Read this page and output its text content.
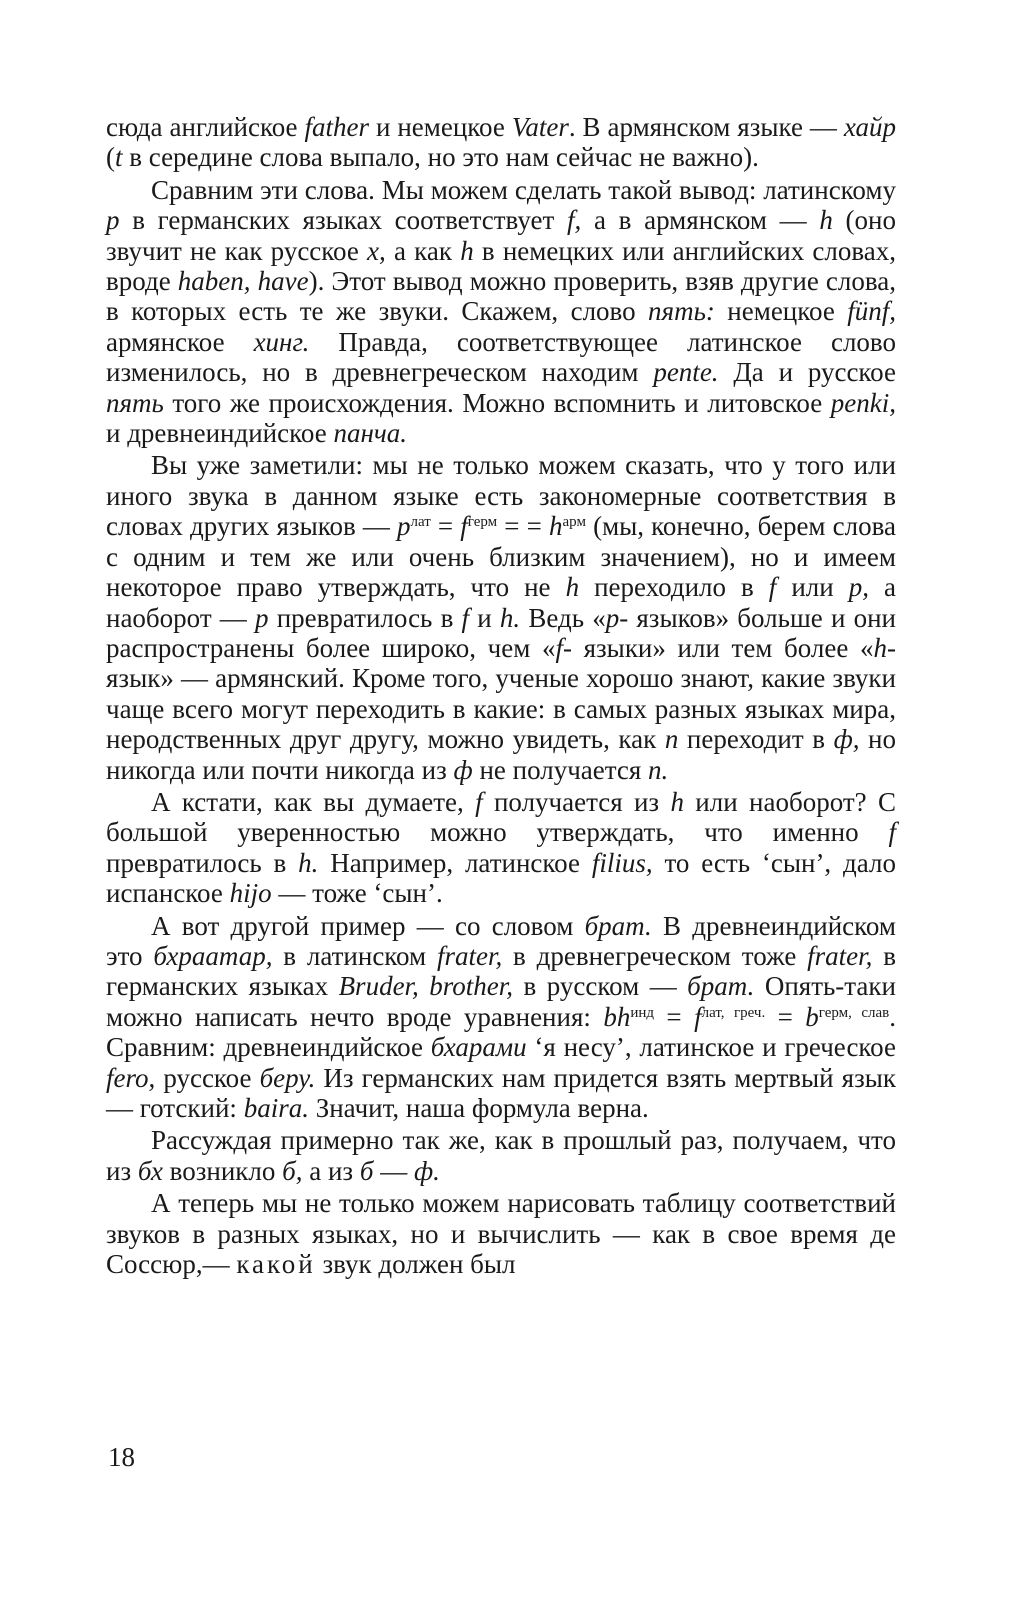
сюда английское father и немецкое Vater. В армянском языке — хайр (t в середине слова выпало, но это нам сейчас не важно).

Сравним эти слова. Мы можем сделать такой вывод: латинскому p в германских языках соответствует f, а в армянском — h (оно звучит не как русское х, а как h в немецких или английских словах, вроде haben, have). Этот вывод можно проверить, взяв другие слова, в которых есть те же звуки. Скажем, слово пять: немецкое fünf, армянское хинг. Правда, соответствующее латинское слово изменилось, но в древнегреческом находим pente. Да и русское пять того же происхождения. Можно вспомнить и литовское penki, и древнеиндийское панча.

Вы уже заметили: мы не только можем сказать, что у того или иного звука в данном языке есть закономерные соответствия в словах других языков — $p^{лат} = f^{герм}$ = = $h^{арм}$ (мы, конечно, берем слова с одним и тем же или очень близким значением), но и имеем некоторое право утверждать, что не h переходило в f или p, а наоборот — p превратилось в f и h. Ведь «p- языков» больше и они распространены более широко, чем «f- языки» или тем более «h- язык» — армянский. Кроме того, ученые хорошо знают, какие звуки чаще всего могут переходить в какие: в самых разных языках мира, неродственных друг другу, можно увидеть, как п переходит в ф, но никогда или почти никогда из ф не получается п.

А кстати, как вы думаете, f получается из h или наоборот? С большой уверенностью можно утверждать, что именно f превратилось в h. Например, латинское filius, то есть ‘сын’, дало испанское hijo — тоже ‘сын’.

А вот другой пример — со словом брат. В древнеиндийском это бхраатар, в латинском frater, в древнегреческом тоже frater, в германских языках Bruder, brother, в русском — брат. Опять-таки можно написать нечто вроде уравнения: $bh^{инд} = f^{лат, греч.} = b^{герм, слав}$. Сравним: древнеиндийское бхарами ‘я несу’, латинское и греческое fero, русское беру. Из германских нам придется взять мертвый язык — готский: baira. Значит, наша формула верна.

Рассуждая примерно так же, как в прошлый раз, получаем, что из бх возникло б, а из б — ф.

А теперь мы не только можем нарисовать таблицу соответствий звуков в разных языках, но и вычислить — как в свое время де Соссюр,— какой звук должен был

18
